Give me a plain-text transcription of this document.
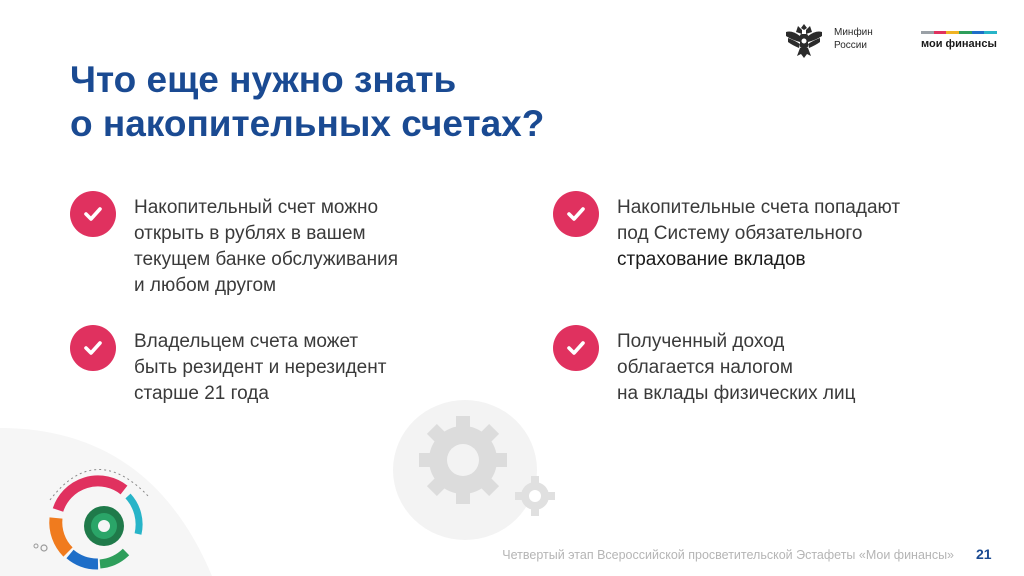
Что еще нужно знать
о накопительных счетах?
Минфин
России	мои финансы
Накопительный счет можно
открыть в рублях в вашем
текущем банке обслуживания
и любом другом
Накопительные счета попадают
под Систему обязательного
страхование вкладов
Владельцем счета может
быть резидент и нерезидент
старше 21 года
Полученный доход
облагается налогом
на вклады физических лиц
Четвертый этап Всероссийской просветительской Эстафеты «Мои финансы» 21
